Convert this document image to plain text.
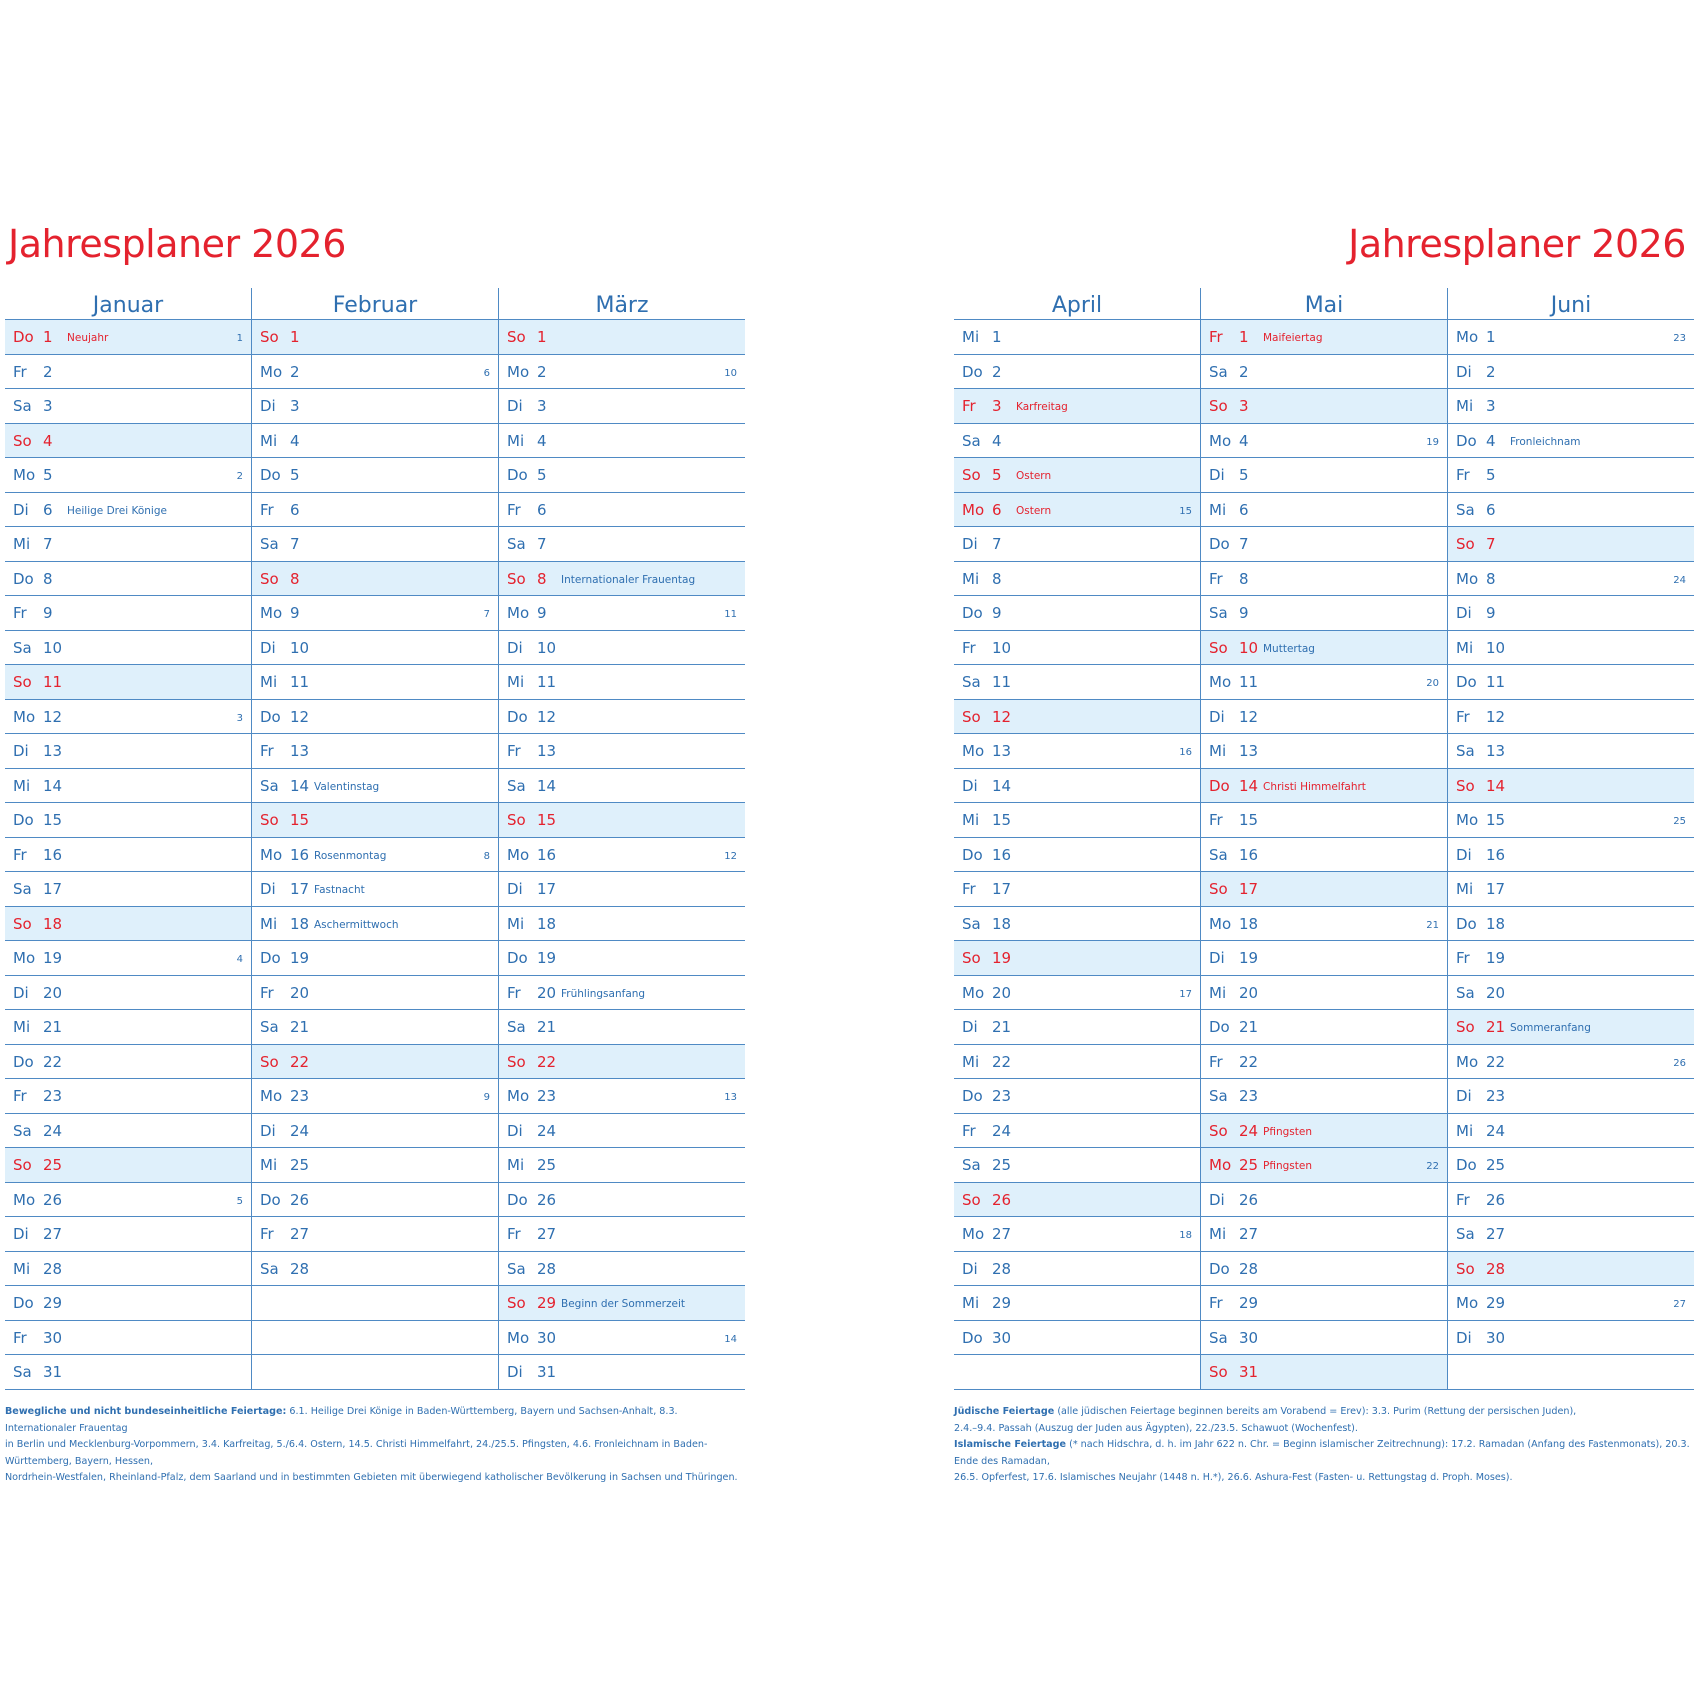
Jahresplaner 2026
Januar
Do 1 Neujahr	1
Fr	2
Sa 3
So 4
Mo 5	2
Di 6 Heilige Drei Könige
Mi 7
Do 8
Fr	9
Sa 10
So 11
Mo 12	3
Di 13
Mi 14
Do 15
Fr	16
Sa 17
So 18
Mo 19	4
Di 20
Mi 21
Do 22
Fr	23
Sa 24
So 25
Mo 26	5
Di 27
Mi 28
Do 29
Fr	30
Sa 31
Februar
So 1
Mo 2	6
Di 3
Mi 4
Do 5
Fr	6
Sa 7
So 8
Mo 9	7
Di 10
Mi 11
Do 12
Fr	13
Sa 14 Valentinstag
So 15
Mo 16 Rosenmontag	8
Di 17 Fastnacht
Mi 18 Aschermittwoch
Do 19
Fr	20
Sa 21
So 22
Mo 23	9
Di 24
Mi 25
Do 26
Fr	27
Sa 28
März
So 1
Mo 2	10
Di 3
Mi 4
Do 5
Fr	6
Sa 7
So 8 Internationaler Frauentag
Mo 9	11
Di 10
Mi 11
Do 12
Fr	13
Sa 14
So 15
Mo 16	12
Di 17
Mi 18
Do 19
Fr	20 Frühlingsanfang
Sa 21
So 22
Mo 23	13
Di 24
Mi 25
Do 26
Fr	27
Sa 28
So 29 Beginn der Sommerzeit
Mo 30	14
Di 31
Bewegliche und nicht bundeseinheitliche Feiertage: 6.1. Heilige Drei Könige in Baden-Württemberg, Bayern und Sachsen-Anhalt, 8.3. Internationaler Frauentag
in Berlin und Mecklenburg-Vorpommern, 3.4. Karfreitag, 5./6.4. Ostern, 14.5. Christi Himmelfahrt, 24./25.5. Pfingsten, 4.6. Fronleichnam in Baden-Württemberg, Bayern, Hessen,
Nordrhein-Westfalen, Rheinland-Pfalz, dem Saarland und in bestimmten Gebieten mit überwiegend katholischer Bevölkerung in Sachsen und Thüringen.
Jahresplaner 2026
April
Mi 1
Do 2
Fr	3 Karfreitag
Sa 4
So 5 Ostern
Mo 6 Ostern	15
Di 7
Mi 8
Do 9
Fr	10
Sa 11
So 12
Mo 13	16
Di 14
Mi 15
Do 16
Fr	17
Sa 18
So 19
Mo 20	17
Di 21
Mi 22
Do 23
Fr	24
Sa 25
So 26
Mo 27	18
Di 28
Mi 29
Do 30
Mai
Fr	1 Maifeiertag
Sa 2
So 3
Mo 4	19
Di 5
Mi 6
Do 7
Fr	8
Sa 9
So 10 Muttertag
Mo 11	20
Di 12
Mi 13
Do 14 Christi Himmelfahrt
Fr	15
Sa 16
So 17
Mo 18	21
Di 19
Mi 20
Do 21
Fr	22
Sa 23
So 24 Pfingsten
Mo 25 Pfingsten	22
Di 26
Mi 27
Do 28
Fr	29
Sa 30
So 31
Juni
Mo 1	23
Di 2
Mi 3
Do 4 Fronleichnam
Fr	5
Sa 6
So 7
Mo 8	24
Di 9
Mi 10
Do 11
Fr	12
Sa 13
So 14
Mo 15	25
Di 16
Mi 17
Do 18
Fr	19
Sa 20
So 21 Sommeranfang
Mo 22	26
Di 23
Mi 24
Do 25
Fr	26
Sa 27
So 28
Mo 29	27
Di 30
Jüdische Feiertage (alle jüdischen Feiertage beginnen bereits am Vorabend = Erev): 3.3. Purim (Rettung der persischen Juden),
2.4.–9.4. Passah (Auszug der Juden aus Ägypten), 22./23.5. Schawuot (Wochenfest).
Islamische Feiertage (* nach Hidschra, d. h. im Jahr 622 n. Chr. = Beginn islamischer Zeitrechnung): 17.2. Ramadan (Anfang des Fastenmonats), 20.3. Ende des Ramadan,
26.5. Opferfest, 17.6. Islamisches Neujahr (1448 n. H.*), 26.6. Ashura-Fest (Fasten- u. Rettungstag d. Proph. Moses).
